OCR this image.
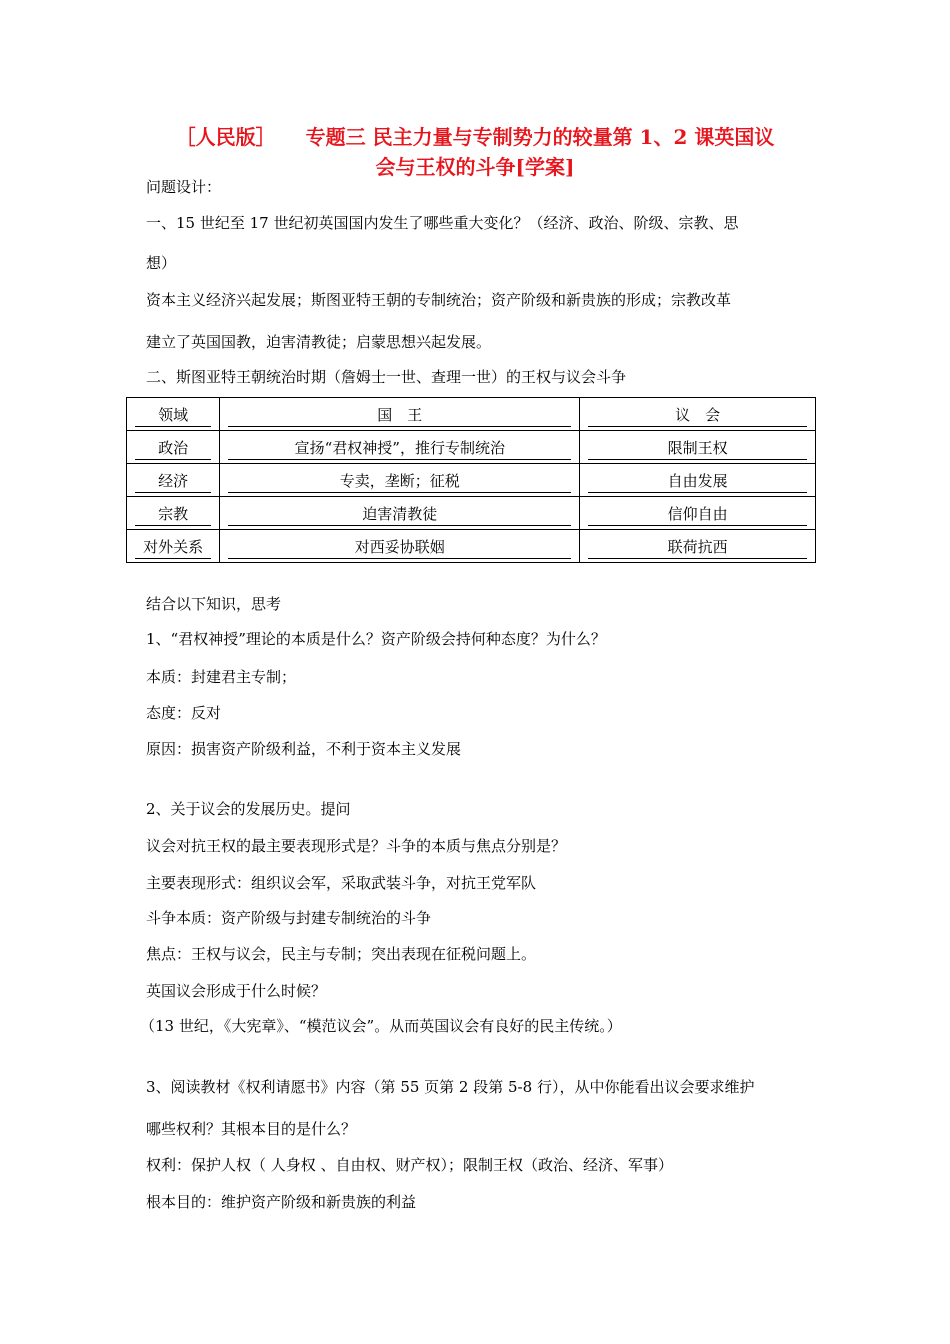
［人民版］　　专题三 民主力量与专制势力的较量第 1、2 课英国议
会与王权的斗争[学案]
问题设计：
一、15 世纪至 17 世纪初英国国内发生了哪些重大变化？（经济、政治、阶级、宗教、思
想）
资本主义经济兴起发展；斯图亚特王朝的专制统治；资产阶级和新贵族的形成；宗教改革
建立了英国国教，迫害清教徒；启蒙思想兴起发展。
二、斯图亚特王朝统治时期（詹姆士一世、查理一世）的王权与议会斗争
领域	国　王	议　会

政治	宣扬“君权神授”，推行专制统治	限制王权

经济	专卖，垄断；征税	自由发展

宗教	迫害清教徒	信仰自由

对外关系	对西妥协联姻	联荷抗西
结合以下知识，思考
1、“君权神授”理论的本质是什么？资产阶级会持何种态度？为什么？
本质：封建君主专制；
态度：反对
原因：损害资产阶级利益，不利于资本主义发展
2、关于议会的发展历史。提问
议会对抗王权的最主要表现形式是？斗争的本质与焦点分别是？
主要表现形式：组织议会军，采取武装斗争，对抗王党军队
斗争本质：资产阶级与封建专制统治的斗争
焦点：王权与议会，民主与专制；突出表现在征税问题上。
英国议会形成于什么时候？
（13 世纪，《大宪章》、“模范议会”。从而英国议会有良好的民主传统。）
3、阅读教材《权利请愿书》内容（第 55 页第 2 段第 5-8 行），从中你能看出议会要求维护
哪些权利？其根本目的是什么？
权利：保护人权（ 人身权 、自由权、财产权）；限制王权（政治、经济、军事）
根本目的：维护资产阶级和新贵族的利益
